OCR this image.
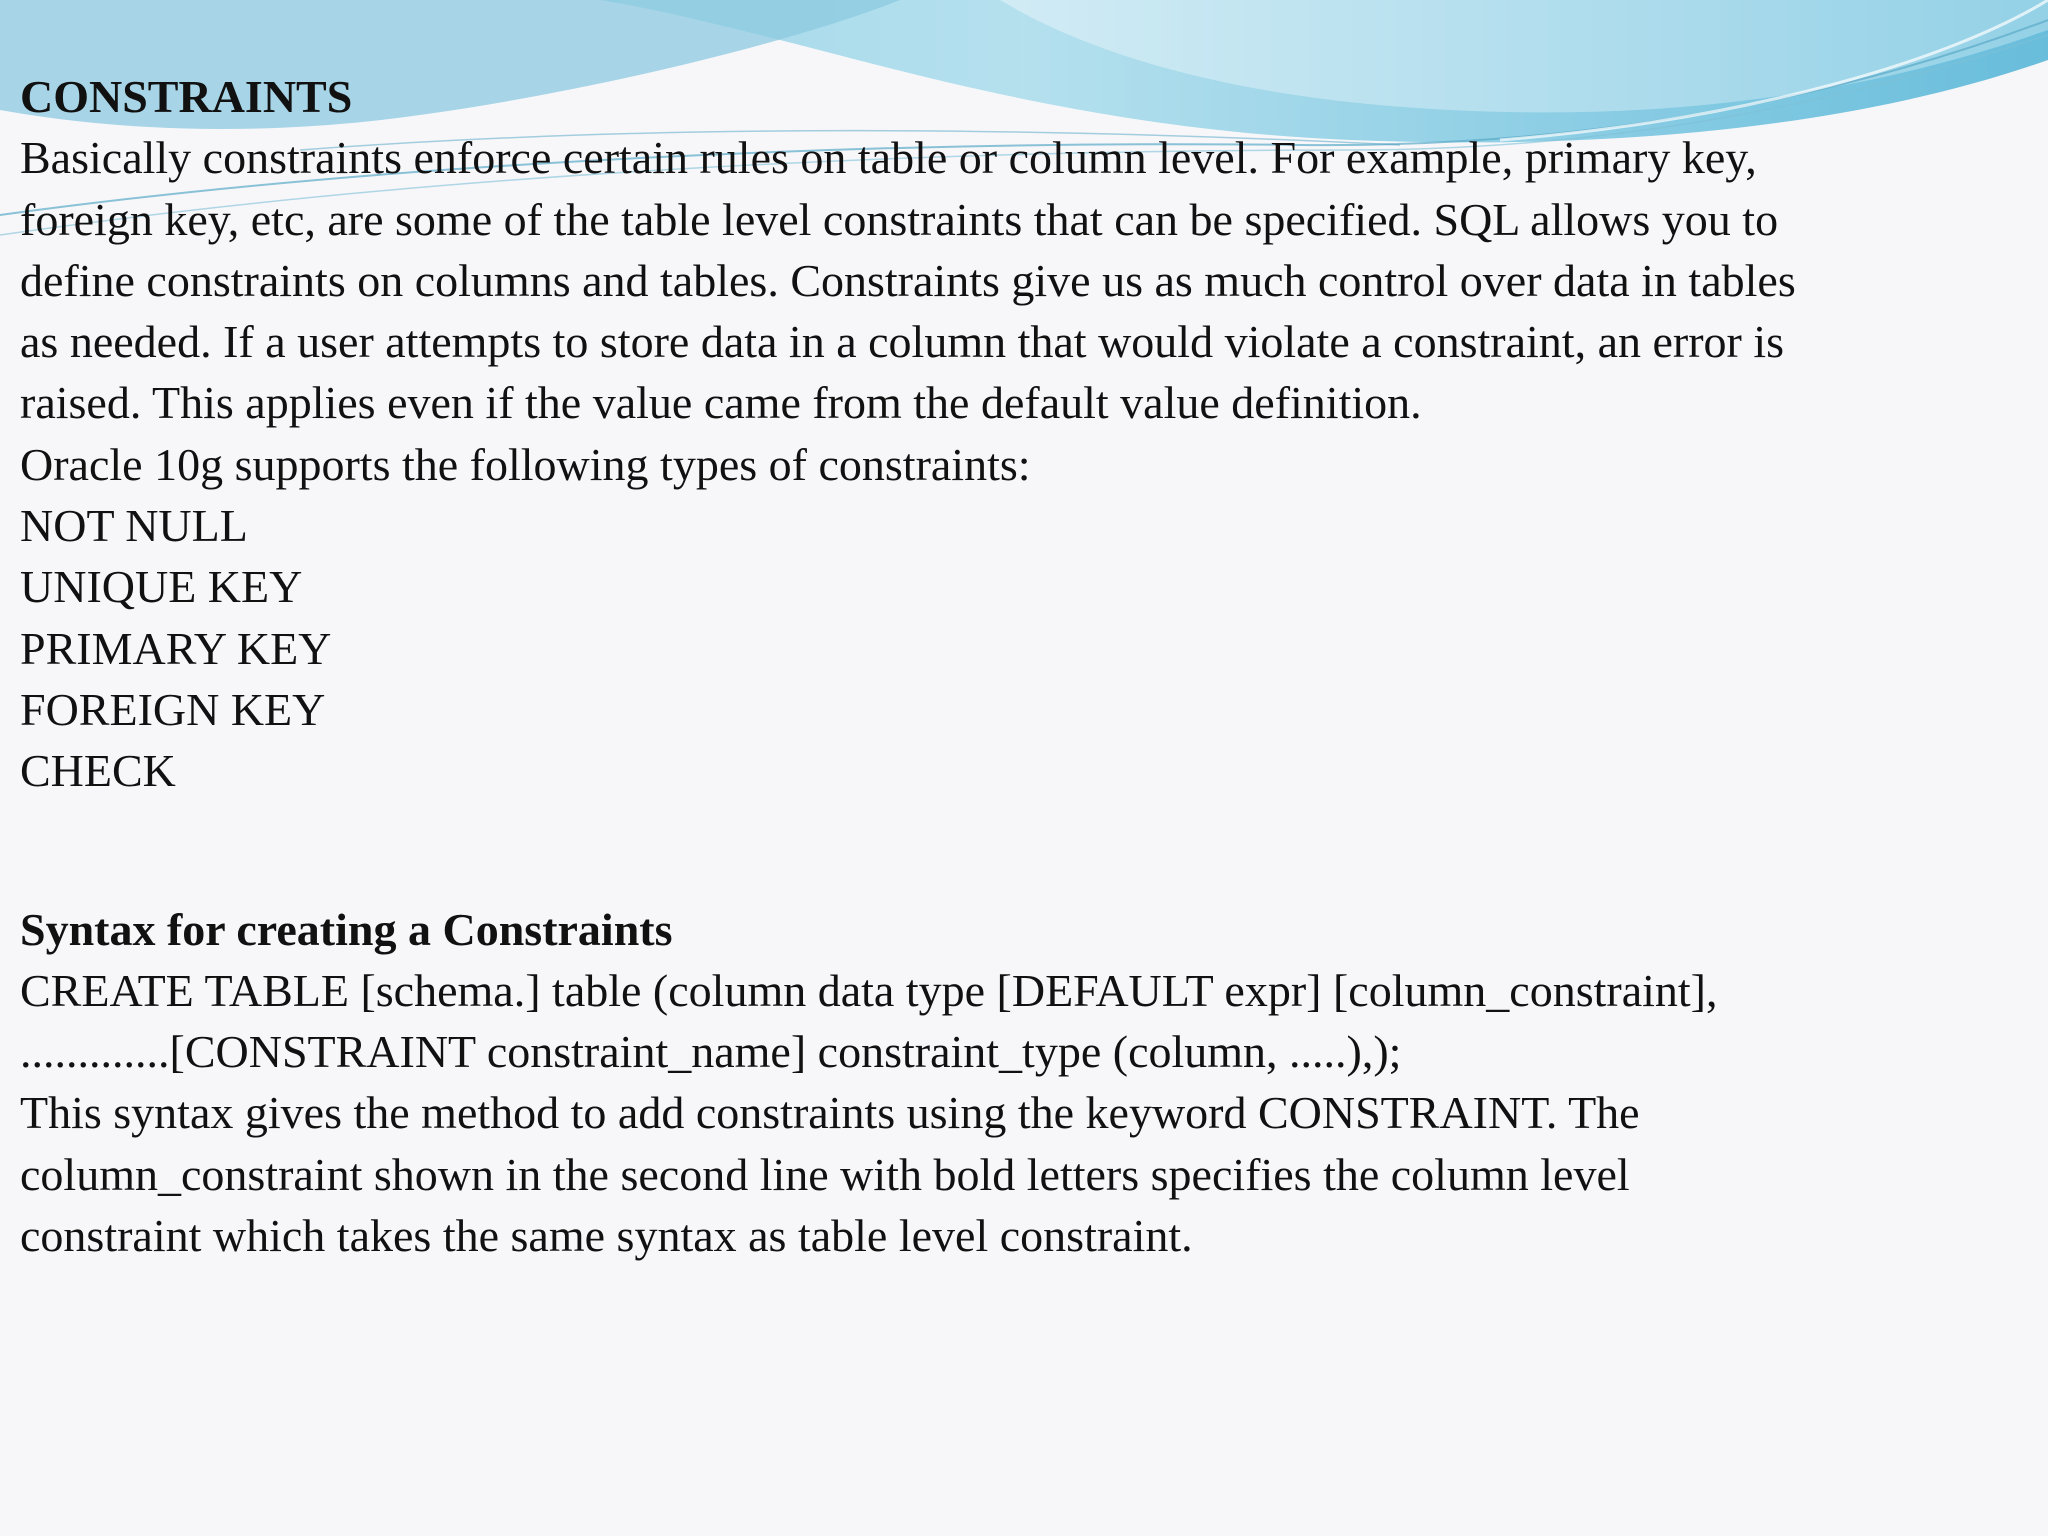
CONSTRAINTS
Basically constraints enforce certain rules on table or column level. For example, primary key,
foreign key, etc, are some of the table level constraints that can be specified. SQL allows you to
define constraints on columns and tables. Constraints give us as much control over data in tables
as needed. If a user attempts to store data in a column that would violate a constraint, an error is
raised. This applies even if the value came from the default value definition.
Oracle 10g supports the following types of constraints:
NOT NULL
UNIQUE KEY
PRIMARY KEY
FOREIGN KEY
CHECK
Syntax for creating a Constraints
CREATE TABLE [schema.] table (column data type [DEFAULT expr] [column_constraint],
.............[CONSTRAINT constraint_name] constraint_type (column, .....),);
This syntax gives the method to add constraints using the keyword CONSTRAINT. The
column_constraint shown in the second line with bold letters specifies the column level
constraint which takes the same syntax as table level constraint.
